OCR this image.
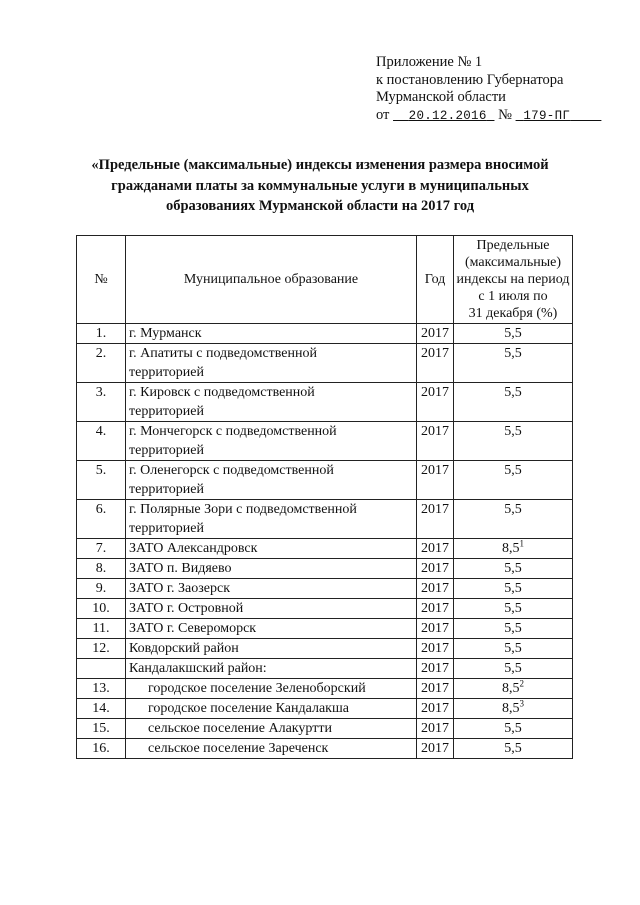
Приложение № 1
к постановлению Губернатора
Мурманской области
от 20.12.2016 № 179-ПГ
«Предельные (максимальные) индексы изменения размера вносимой
гражданами платы за коммунальные услуги в муниципальных
образованиях Мурманской области на 2017 год
№	Муниципальное образование	Год	Предельные
(максимальные)
индексы на период
с 1 июля по
31 декабря (%)

1.	г. Мурманск	2017	5,5
2.	г. Апатиты с подведомственной
территорией	2017	5,5
3.	г. Кировск с подведомственной
территорией	2017	5,5
4.	г. Мончегорск с подведомственной
территорией	2017	5,5
5.	г. Оленегорск с подведомственной
территорией	2017	5,5
6.	г. Полярные Зори с подведомственной
территорией	2017	5,5
7.	ЗАТО Александровск	2017	$8,5^1$
8.	ЗАТО п. Видяево	2017	5,5
9.	ЗАТО г. Заозерск	2017	5,5
10.	ЗАТО г. Островной	2017	5,5
11.	ЗАТО г. Североморск	2017	5,5
12.	Ковдорский район	2017	5,5

	Кандалакшский район:	2017	5,5
13.	городское поселение Зеленоборский	2017	$8,5^2$
14.	городское поселение Кандалакша	2017	$8,5^3$
15.	сельское поселение Алакуртти	2017	5,5
16.	сельское поселение Зареченск	2017	5,5
